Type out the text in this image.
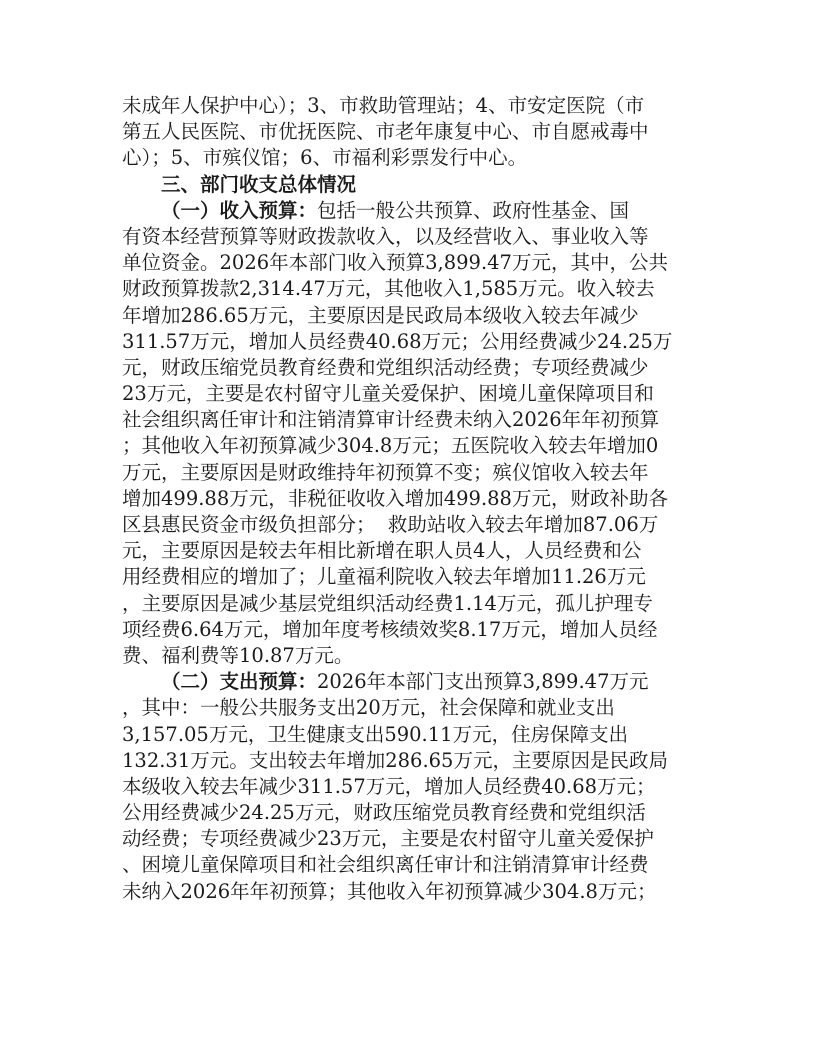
未成年人保护中心）；3、市救助管理站；4、市安定医院（市
第五人民医院、市优抚医院、市老年康复中心、市自愿戒毒中
心）；5、市殡仪馆；6、市福利彩票发行中心。
三、部门收支总体情况
（一）收入预算：包括一般公共预算、政府性基金、国
有资本经营预算等财政拨款收入，以及经营收入、事业收入等
单位资金。2026年本部门收入预算3,899.47万元，其中，公共
财政预算拨款2,314.47万元，其他收入1,585万元。收入较去
年增加286.65万元，主要原因是民政局本级收入较去年减少
311.57万元，增加人员经费40.68万元；公用经费减少24.25万
元，财政压缩党员教育经费和党组织活动经费；专项经费减少
23万元，主要是农村留守儿童关爱保护、困境儿童保障项目和
社会组织离任审计和注销清算审计经费未纳入2026年年初预算
；其他收入年初预算减少304.8万元；五医院收入较去年增加0
万元，主要原因是财政维持年初预算不变；殡仪馆收入较去年
增加499.88万元，非税征收收入增加499.88万元，财政补助各
区县惠民资金市级负担部分；  救助站收入较去年增加87.06万
元，主要原因是较去年相比新增在职人员4人，人员经费和公
用经费相应的增加了；儿童福利院收入较去年增加11.26万元
，主要原因是减少基层党组织活动经费1.14万元，孤儿护理专
项经费6.64万元，增加年度考核绩效奖8.17万元，增加人员经
费、福利费等10.87万元。
（二）支出预算：2026年本部门支出预算3,899.47万元
，其中：一般公共服务支出20万元，社会保障和就业支出
3,157.05万元，卫生健康支出590.11万元，住房保障支出
132.31万元。支出较去年增加286.65万元，主要原因是民政局
本级收入较去年减少311.57万元，增加人员经费40.68万元；
公用经费减少24.25万元，财政压缩党员教育经费和党组织活
动经费；专项经费减少23万元，主要是农村留守儿童关爱保护
、困境儿童保障项目和社会组织离任审计和注销清算审计经费
未纳入2026年年初预算；其他收入年初预算减少304.8万元；
